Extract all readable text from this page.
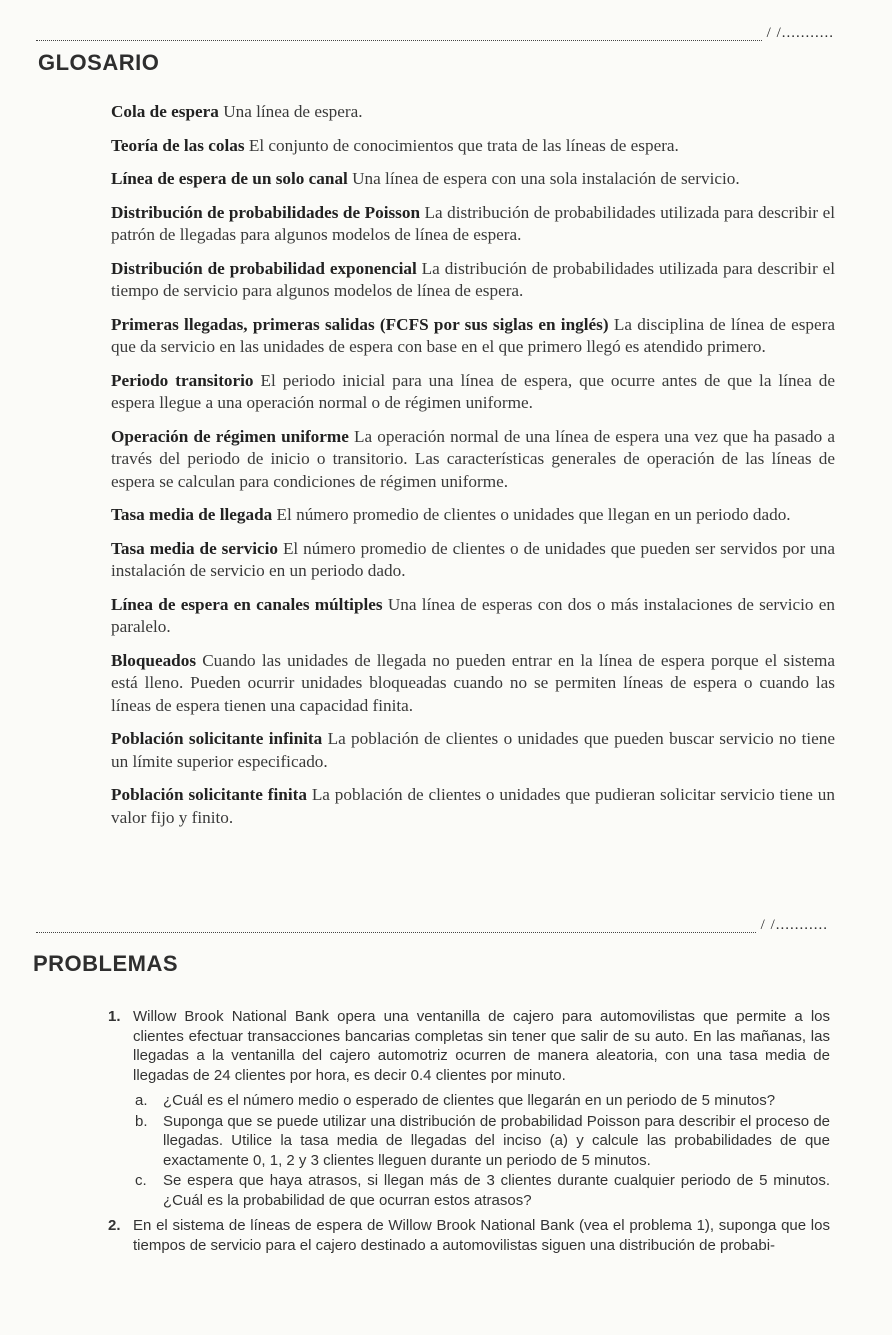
/ /...........
GLOSARIO

Cola de espera Una línea de espera.

Teoría de las colas El conjunto de conocimientos que trata de las líneas de espera.

Línea de espera de un solo canal Una línea de espera con una sola instalación de servicio.

Distribución de probabilidades de Poisson La distribución de probabilidades utilizada para describir el patrón de llegadas para algunos modelos de línea de espera.

Distribución de probabilidad exponencial La distribución de probabilidades utilizada para describir el tiempo de servicio para algunos modelos de línea de espera.

Primeras llegadas, primeras salidas (FCFS por sus siglas en inglés) La disciplina de línea de espera que da servicio en las unidades de espera con base en el que primero llegó es atendido primero.

Periodo transitorio El periodo inicial para una línea de espera, que ocurre antes de que la línea de espera llegue a una operación normal o de régimen uniforme.

Operación de régimen uniforme La operación normal de una línea de espera una vez que ha pasado a través del periodo de inicio o transitorio. Las características generales de operación de las líneas de espera se calculan para condiciones de régimen uniforme.

Tasa media de llegada El número promedio de clientes o unidades que llegan en un periodo dado.

Tasa media de servicio El número promedio de clientes o de unidades que pueden ser servidos por una instalación de servicio en un periodo dado.

Línea de espera en canales múltiples Una línea de esperas con dos o más instalaciones de servicio en paralelo.

Bloqueados Cuando las unidades de llegada no pueden entrar en la línea de espera porque el sistema está lleno. Pueden ocurrir unidades bloqueadas cuando no se permiten líneas de espera o cuando las líneas de espera tienen una capacidad finita.

Población solicitante infinita La población de clientes o unidades que pueden buscar servicio no tiene un límite superior especificado.

Población solicitante finita La población de clientes o unidades que pudieran solicitar servicio tiene un valor fijo y finito.

/ /...........
PROBLEMAS
1. Willow Brook National Bank opera una ventanilla de cajero para automovilistas que permite a los clientes efectuar transacciones bancarias completas sin tener que salir de su auto. En las mañanas, las llegadas a la ventanilla del cajero automotriz ocurren de manera aleatoria, con una tasa media de llegadas de 24 clientes por hora, es decir 0.4 clientes por minuto.
a. ¿Cuál es el número medio o esperado de clientes que llegarán en un periodo de 5 minutos?
b. Suponga que se puede utilizar una distribución de probabilidad Poisson para describir el proceso de llegadas. Utilice la tasa media de llegadas del inciso (a) y calcule las probabilidades de que exactamente 0, 1, 2 y 3 clientes lleguen durante un periodo de 5 minutos.
c. Se espera que haya atrasos, si llegan más de 3 clientes durante cualquier periodo de 5 minutos. ¿Cuál es la probabilidad de que ocurran estos atrasos?
2. En el sistema de líneas de espera de Willow Brook National Bank (vea el problema 1), suponga que los tiempos de servicio para el cajero destinado a automovilistas siguen una distribución de probabi-
